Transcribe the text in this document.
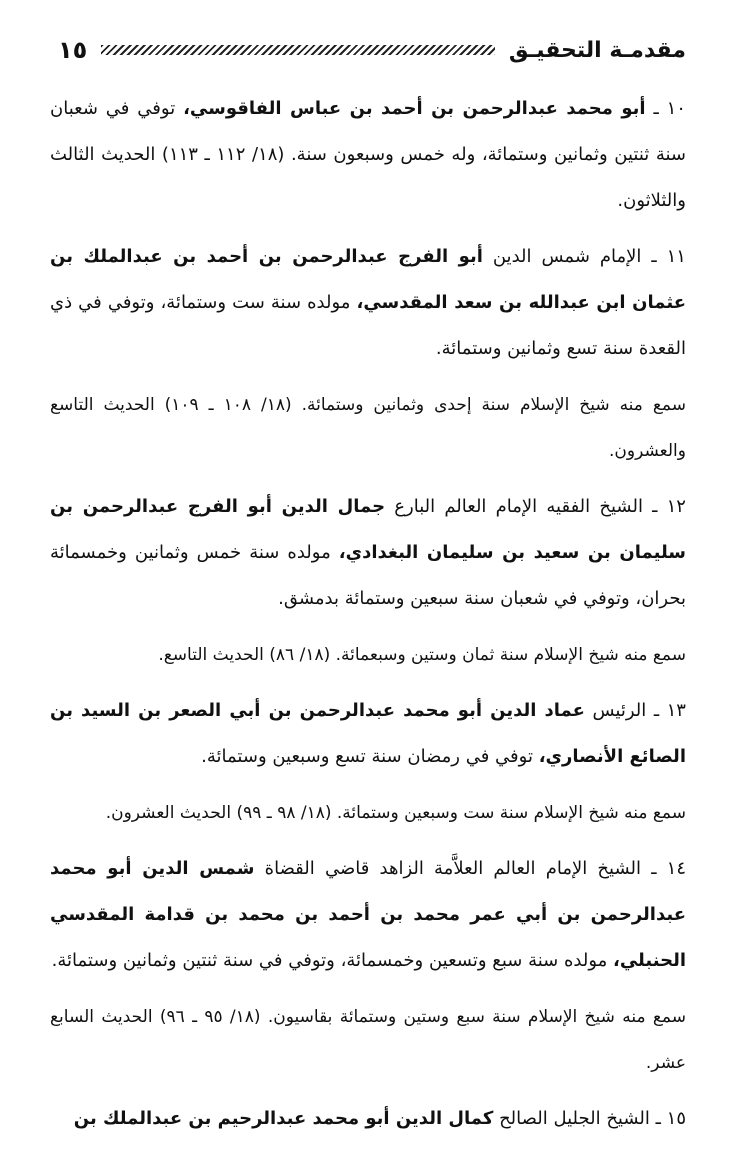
مقدمـة التحقيـق
١٥

١٠ ـ أبو محمد عبدالرحمن بن أحمد بن عباس الفاقوسي، توفي في شعبان سنة ثنتين وثمانين وستمائة، وله خمس وسبعون سنة. (١٨/ ١١٢ ـ ١١٣) الحديث الثالث والثلاثون.

١١ ـ الإمام شمس الدين أبو الفرج عبدالرحمن بن أحمد بن عبدالملك بن عثمان ابن عبدالله بن سعد المقدسي، مولده سنة ست وستمائة، وتوفي في ذي القعدة سنة تسع وثمانين وستمائة.

سمع منه شيخ الإسلام سنة إحدى وثمانين وستمائة. (١٨/ ١٠٨ ـ ١٠٩) الحديث التاسع والعشرون.

١٢ ـ الشيخ الفقيه الإمام العالم البارع جمال الدين أبو الفرج عبدالرحمن بن سليمان بن سعيد بن سليمان البغدادي، مولده سنة خمس وثمانين وخمسمائة بحران، وتوفي في شعبان سنة سبعين وستمائة بدمشق.

سمع منه شيخ الإسلام سنة ثمان وستين وسبعمائة. (١٨/ ٨٦) الحديث التاسع.

١٣ ـ الرئيس عماد الدين أبو محمد عبدالرحمن بن أبي الصعر بن السيد بن الصائع الأنصاري، توفي في رمضان سنة تسع وسبعين وستمائة.

سمع منه شيخ الإسلام سنة ست وسبعين وستمائة. (١٨/ ٩٨ ـ ٩٩) الحديث العشرون.

١٤ ـ الشيخ الإمام العالم العلاَّمة الزاهد قاضي القضاة شمس الدين أبو محمد عبدالرحمن بن أبي عمر محمد بن أحمد بن محمد بن قدامة المقدسي الحنبلي، مولده سنة سبع وتسعين وخمسمائة، وتوفي في سنة ثنتين وثمانين وستمائة.

سمع منه شيخ الإسلام سنة سبع وستين وستمائة بقاسيون. (١٨/ ٩٥ ـ ٩٦) الحديث السابع عشر.

١٥ ـ الشيخ الجليل الصالح كمال الدين أبو محمد عبدالرحيم بن عبدالملك بن
